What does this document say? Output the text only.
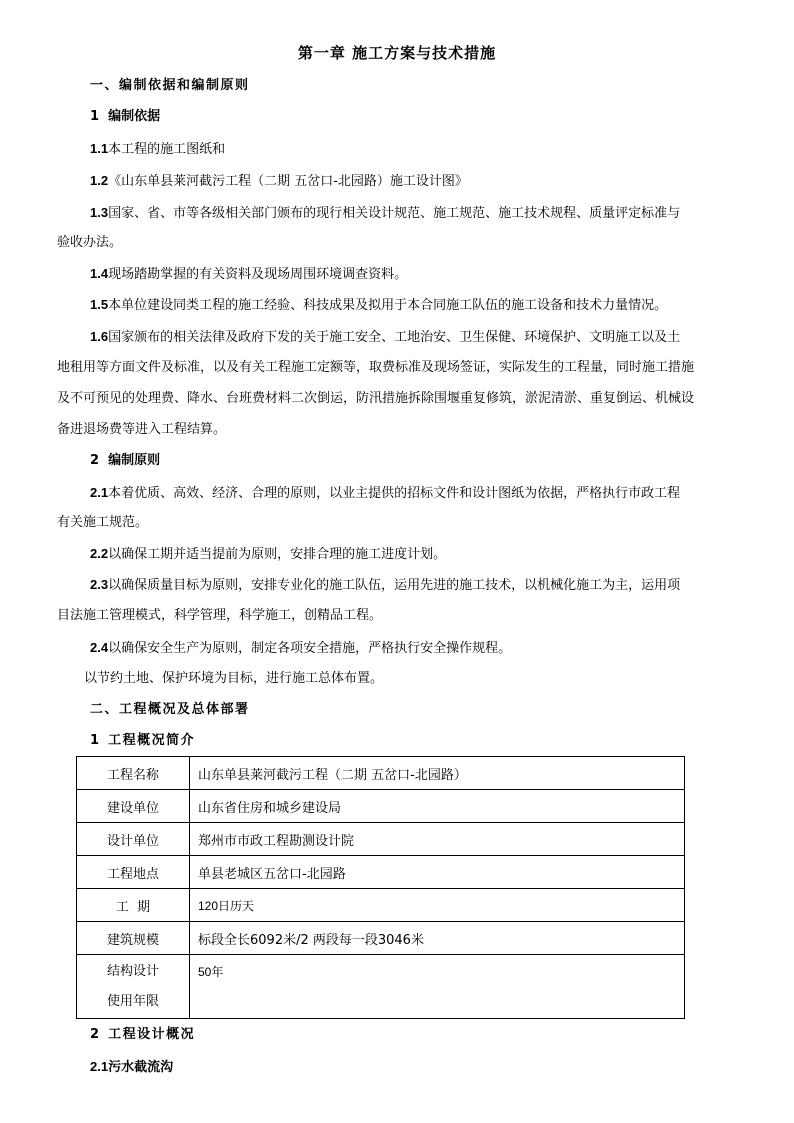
第一章 施工方案与技术措施
一、编制依据和编制原则
1 编制依据
1.1本工程的施工图纸和
1.2《山东单县莱河截污工程（二期 五岔口-北园路）施工设计图》
1.3国家、省、市等各级相关部门颁布的现行相关设计规范、施工规范、施工技术规程、质量评定标准与
验收办法。
1.4现场踏勘掌握的有关资料及现场周围环境调查资料。
1.5本单位建设同类工程的施工经验、科技成果及拟用于本合同施工队伍的施工设备和技术力量情况。
1.6国家颁布的相关法律及政府下发的关于施工安全、工地治安、卫生保健、环境保护、文明施工以及土
地租用等方面文件及标准，以及有关工程施工定额等，取费标准及现场签证，实际发生的工程量，同时施工措施
及不可预见的处理费、降水、台班费材料二次倒运，防汛措施拆除围堰重复修筑，淤泥清淤、重复倒运、机械设
备进退场费等进入工程结算。
2 编制原则
2.1本着优质、高效、经济、合理的原则，以业主提供的招标文件和设计图纸为依据，严格执行市政工程
有关施工规范。
2.2以确保工期并适当提前为原则，安排合理的施工进度计划。
2.3以确保质量目标为原则，安排专业化的施工队伍，运用先进的施工技术，以机械化施工为主，运用项
目法施工管理模式，科学管理，科学施工，创精品工程。
2.4以确保安全生产为原则，制定各项安全措施，严格执行安全操作规程。
以节约土地、保护环境为目标，进行施工总体布置。
二、工程概况及总体部署
1 工程概况简介
工程名称	山东单县莱河截污工程（二期 五岔口-北园路）
建设单位	山东省住房和城乡建设局
设计单位	郑州市市政工程勘测设计院
工程地点	单县老城区五岔口-北园路
工  期	120日历天
建筑规模	标段全长6092米/2 两段每一段3046米

结构设计
使用年限	50年
2 工程设计概况
2.1污水截流沟
